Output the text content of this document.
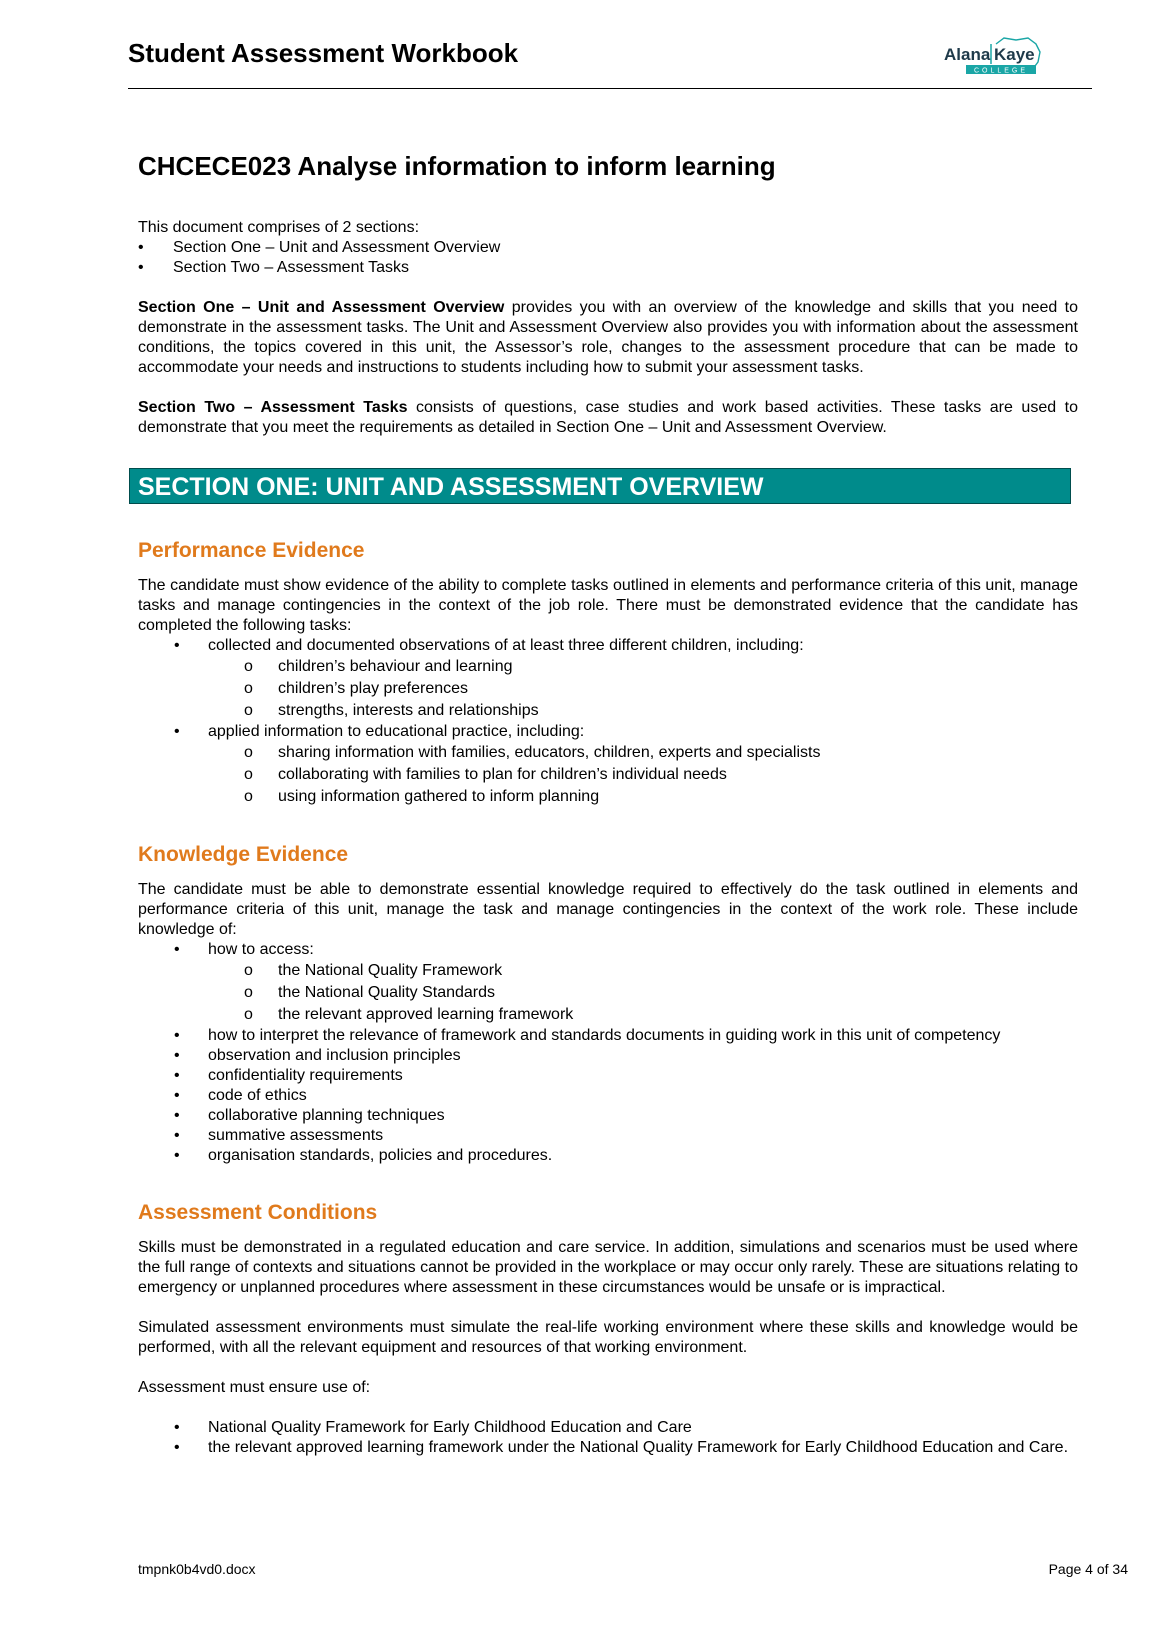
Student Assessment Workbook	Alana Kaye
COLLEGE
CHCECE023 Analyse information to inform learning

This document comprises of 2 sections:

• Section One – Unit and Assessment Overview
• Section Two – Assessment Tasks

Section One – Unit and Assessment Overview provides you with an overview of the knowledge and skills that you need to demonstrate in the assessment tasks. The Unit and Assessment Overview also provides you with information about the assessment conditions, the topics covered in this unit, the Assessor’s role, changes to the assessment procedure that can be made to accommodate your needs and instructions to students including how to submit your assessment tasks.

Section Two – Assessment Tasks consists of questions, case studies and work based activities. These tasks are used to demonstrate that you meet the requirements as detailed in Section One – Unit and Assessment Overview.

SECTION ONE: UNIT AND ASSESSMENT OVERVIEW
Performance Evidence

The candidate must show evidence of the ability to complete tasks outlined in elements and performance criteria of this unit, manage tasks and manage contingencies in the context of the job role. There must be demonstrated evidence that the candidate has completed the following tasks:

• collected and documented observations of at least three different children, including:
o children’s behaviour and learning
o children’s play preferences
o strengths, interests and relationships
• applied information to educational practice, including:
o sharing information with families, educators, children, experts and specialists
o collaborating with families to plan for children’s individual needs
o using information gathered to inform planning
Knowledge Evidence

The candidate must be able to demonstrate essential knowledge required to effectively do the task outlined in elements and performance criteria of this unit, manage the task and manage contingencies in the context of the work role. These include knowledge of:

• how to access:
o the National Quality Framework
o the National Quality Standards
o the relevant approved learning framework
• how to interpret the relevance of framework and standards documents in guiding work in this unit of competency
• observation and inclusion principles
• confidentiality requirements
• code of ethics
• collaborative planning techniques
• summative assessments
• organisation standards, policies and procedures.
Assessment Conditions

Skills must be demonstrated in a regulated education and care service. In addition, simulations and scenarios must be used where the full range of contexts and situations cannot be provided in the workplace or may occur only rarely. These are situations relating to emergency or unplanned procedures where assessment in these circumstances would be unsafe or is impractical.

Simulated assessment environments must simulate the real-life working environment where these skills and knowledge would be performed, with all the relevant equipment and resources of that working environment.

Assessment must ensure use of:

• National Quality Framework for Early Childhood Education and Care
• the relevant approved learning framework under the National Quality Framework for Early Childhood Education and Care.
tmpnk0b4vd0.docx	Page 4 of 34
